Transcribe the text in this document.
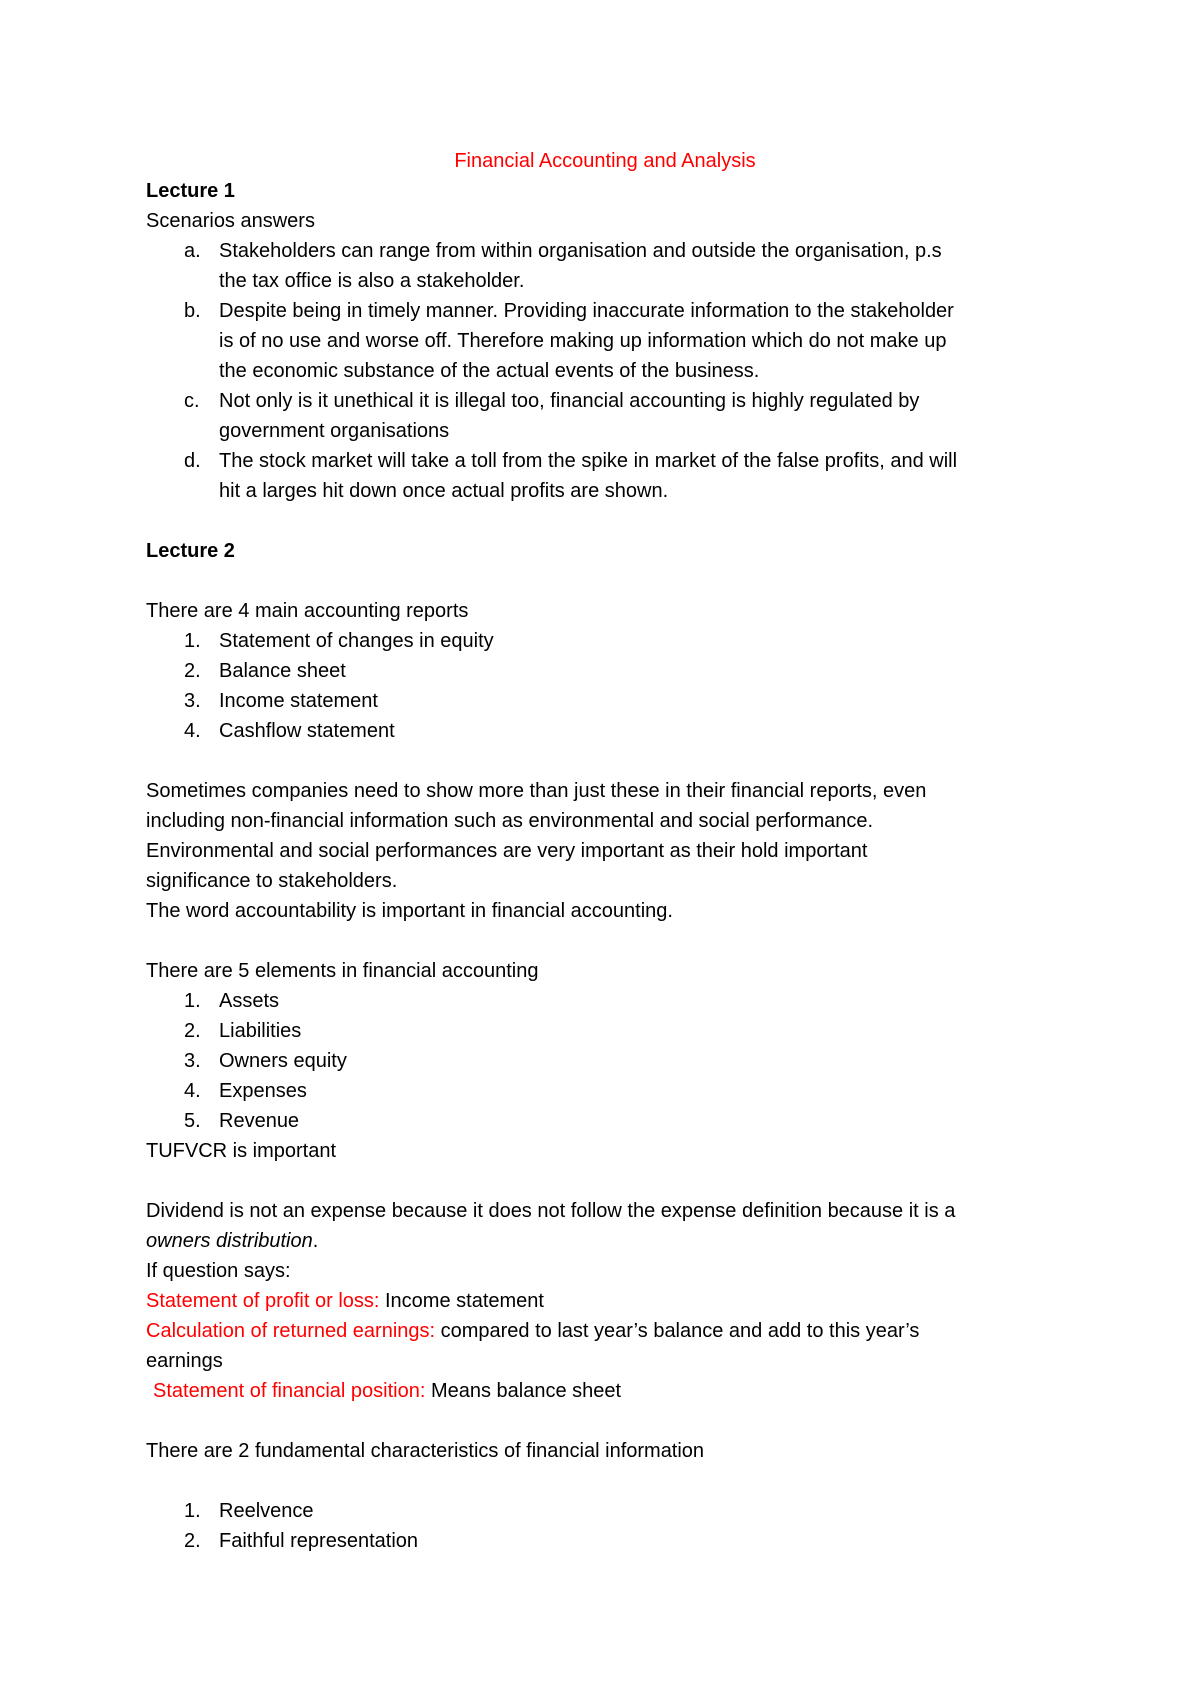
Financial Accounting and Analysis
Lecture 1
Scenarios answers
a. Stakeholders can range from within organisation and outside the organisation, p.s
the tax office is also a stakeholder.
b. Despite being in timely manner. Providing inaccurate information to the stakeholder
is of no use and worse off. Therefore making up information which do not make up
the economic substance of the actual events of the business.
c. Not only is it unethical it is illegal too, financial accounting is highly regulated by
government organisations
d. The stock market will take a toll from the spike in market of the false profits, and will
hit a larges hit down once actual profits are shown.
Lecture 2
There are 4 main accounting reports
1. Statement of changes in equity
2. Balance sheet
3. Income statement
4. Cashflow statement
Sometimes companies need to show more than just these in their financial reports, even
including non-financial information such as environmental and social performance.
Environmental and social performances are very important as their hold important
significance to stakeholders.
The word accountability is important in financial accounting.
There are 5 elements in financial accounting
1. Assets
2. Liabilities
3. Owners equity
4. Expenses
5. Revenue
TUFVCR is important
Dividend is not an expense because it does not follow the expense definition because it is a
owners distribution.
If question says:
Statement of profit or loss: Income statement
Calculation of returned earnings: compared to last year’s balance and add to this year’s
earnings
Statement of financial position: Means balance sheet
There are 2 fundamental characteristics of financial information
1. Reelvence
2. Faithful representation
